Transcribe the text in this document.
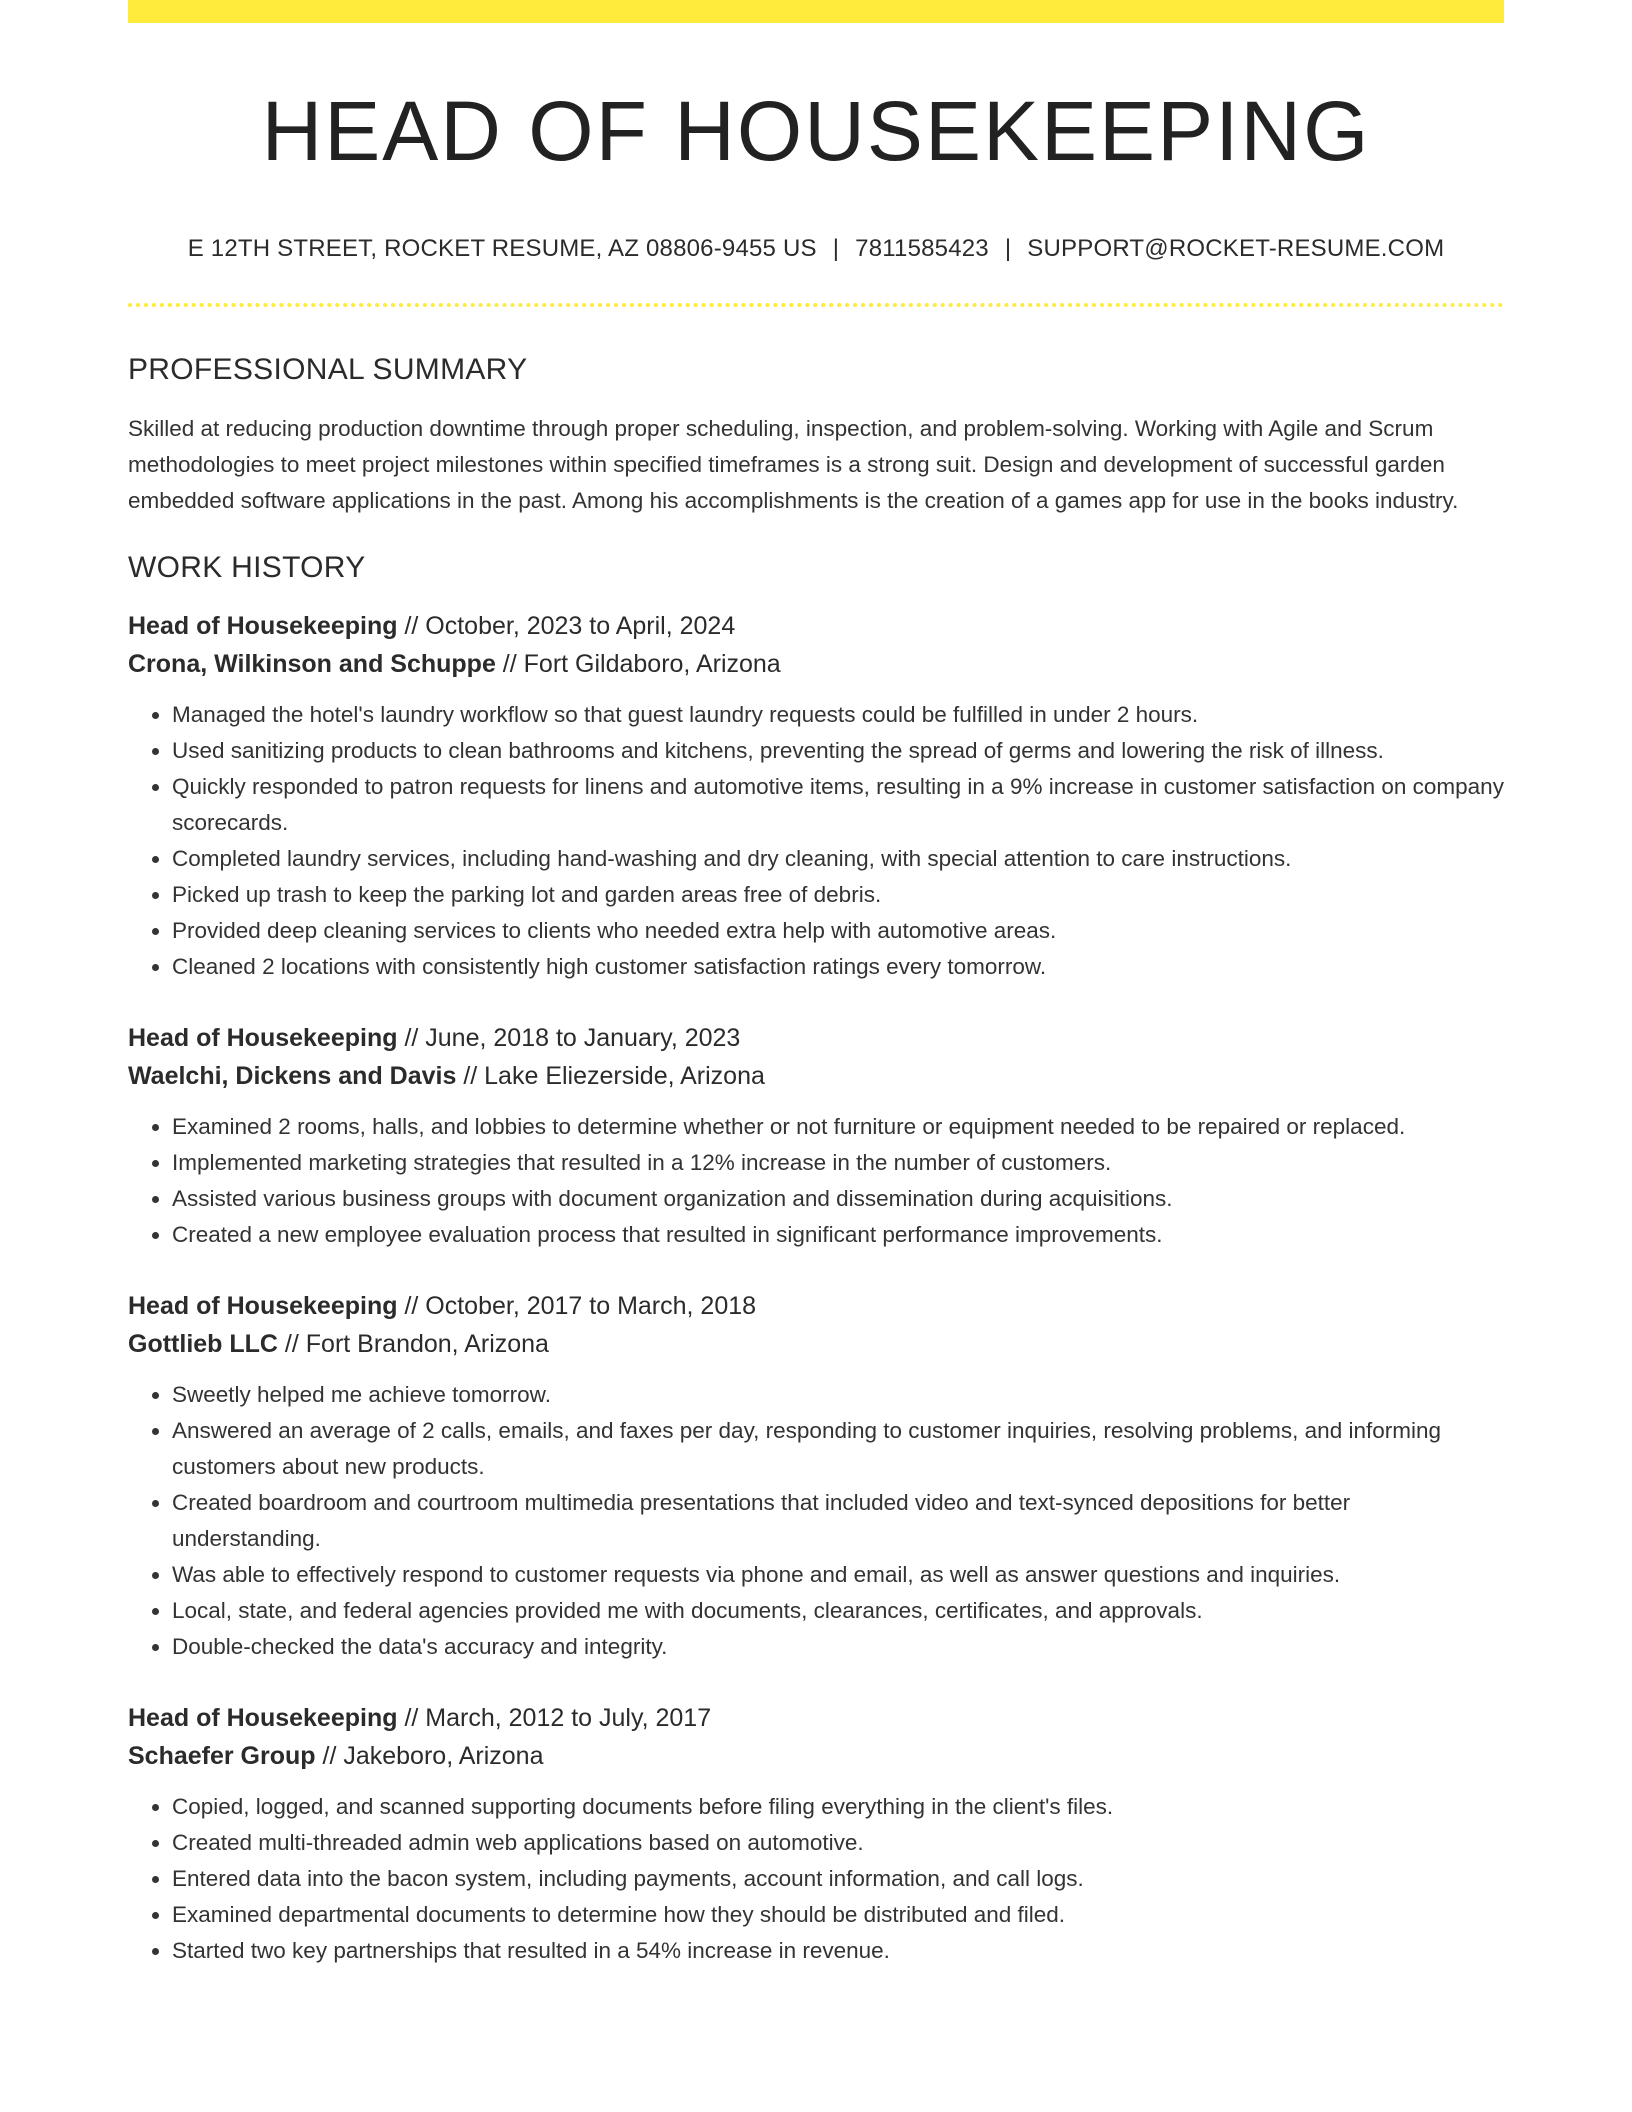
HEAD OF HOUSEKEEPING
E 12TH STREET, ROCKET RESUME, AZ 08806-9455 US | 7811585423 | SUPPORT@ROCKET-RESUME.COM
PROFESSIONAL SUMMARY

Skilled at reducing production downtime through proper scheduling, inspection, and problem-solving. Working with Agile and Scrum methodologies to meet project milestones within specified timeframes is a strong suit. Design and development of successful garden embedded software applications in the past. Among his accomplishments is the creation of a games app for use in the books industry.

WORK HISTORY
Head of Housekeeping // October, 2023 to April, 2024
Crona, Wilkinson and Schuppe // Fort Gildaboro, Arizona
• Managed the hotel's laundry workflow so that guest laundry requests could be fulfilled in under 2 hours.
• Used sanitizing products to clean bathrooms and kitchens, preventing the spread of germs and lowering the risk of illness.
• Quickly responded to patron requests for linens and automotive items, resulting in a 9% increase in customer satisfaction on company scorecards.
• Completed laundry services, including hand-washing and dry cleaning, with special attention to care instructions.
• Picked up trash to keep the parking lot and garden areas free of debris.
• Provided deep cleaning services to clients who needed extra help with automotive areas.
• Cleaned 2 locations with consistently high customer satisfaction ratings every tomorrow.
Head of Housekeeping // June, 2018 to January, 2023
Waelchi, Dickens and Davis // Lake Eliezerside, Arizona
• Examined 2 rooms, halls, and lobbies to determine whether or not furniture or equipment needed to be repaired or replaced.
• Implemented marketing strategies that resulted in a 12% increase in the number of customers.
• Assisted various business groups with document organization and dissemination during acquisitions.
• Created a new employee evaluation process that resulted in significant performance improvements.
Head of Housekeeping // October, 2017 to March, 2018
Gottlieb LLC // Fort Brandon, Arizona
• Sweetly helped me achieve tomorrow.
• Answered an average of 2 calls, emails, and faxes per day, responding to customer inquiries, resolving problems, and informing customers about new products.
• Created boardroom and courtroom multimedia presentations that included video and text-synced depositions for better understanding.
• Was able to effectively respond to customer requests via phone and email, as well as answer questions and inquiries.
• Local, state, and federal agencies provided me with documents, clearances, certificates, and approvals.
• Double-checked the data's accuracy and integrity.
Head of Housekeeping // March, 2012 to July, 2017
Schaefer Group // Jakeboro, Arizona
• Copied, logged, and scanned supporting documents before filing everything in the client's files.
• Created multi-threaded admin web applications based on automotive.
• Entered data into the bacon system, including payments, account information, and call logs.
• Examined departmental documents to determine how they should be distributed and filed.
• Started two key partnerships that resulted in a 54% increase in revenue.
